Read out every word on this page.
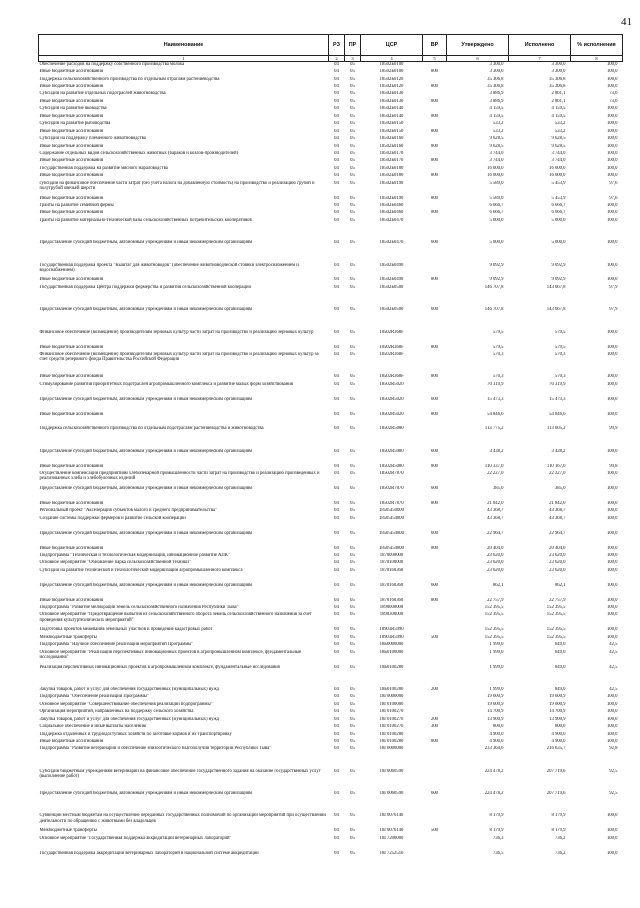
41
Наименование	РЗ	ПР	ЦСР	ВР	Утверждено	Исполнено	% исполнения
1	2	3	4	5	6	7	8
Обеспечение расходов на поддержку собственного производства молока	04	05	18502Б0100		3 300,0	3 300,0	100,0
Иные бюджетные ассигнования	04	05	18502Б0100	800	3 300,0	3 300,0	100,0
Поддержка сельскохозяйственного производства по отдельным отраслям растениеводства	04	05	18502Б0120		35 306,8	35 306,8	100,0
Иные бюджетные ассигнования	04	05	18502Б0120	800	35 306,8	35 306,8	100,0
Субсидии на развитие отдельных подотраслей животноводства	04	05	18502Б0130		3 886,9	2 861,1	73,6
Иные бюджетные ассигнования	04	05	18502Б0130	800	3 886,9	2 861,1	73,6
Субсидии на развитие яководства	04	05	18502Б0140		4 159,5	4 159,5	100,0
Иные бюджетные ассигнования	04	05	18502Б0140	800	4 159,5	4 159,5	100,0
Субсидии на развитие рыбоводства	04	05	18502Б0150		533,2	533,2	100,0
Иные бюджетные ассигнования	04	05	18502Б0150	800	533,2	533,2	100,0
Субсидии на поддержку племенного животноводства	04	05	18502Б0160		9 628,5	9 628,5	100,0
Иные бюджетные ассигнования	04	05	18502Б0160	800	9 628,5	9 628,5	100,0
Содержание отдельных видов сельскохозяйственных животных (бараков и козлов-производителей)	04	05	18502Б0170		3 744,0	3 744,0	100,0
Иные бюджетные ассигнования	04	05	18502Б0170	800	3 744,0	3 744,0	100,0
Государственная поддержка на развитие мясного мараловодства	04	05	18502Б0180		16 000,0	16 000,0	100,0
Иные бюджетные ассигнования	04	05	18502Б0180	800	16 000,0	16 000,0	100,0
субсидии на финансовое обеспечение части затрат (без учета налога на добавленную стоимость) на производство и реализацию грубой и полугрубой овечьей шерсти	04	05	18502Б0190		5 589,0	5 453,9	97,6
Иные бюджетные ассигнования	04	05	18502Б0190	800	5 589,0	5 453,9	97,6
Гранты на развитие семейной фермы	04	05	18502Б0460		6 666,7	6 666,7	100,0
Иные бюджетные ассигнования	04	05	18502Б0460	800	6 666,7	6 666,7	100,0
Гранты на развитие материально-технической базы сельскохозяйственных потребительских кооперативов	04	05	18502Б0470		5 000,0	5 000,0	100,0
Предоставление субсидий бюджетным, автономным учреждениям и иным некоммерческим организациям	04	05	18502Б0470	600	5 000,0	5 000,0	100,0
Государственная поддержка проекта "Кыштаг для животноводов" (обеспечение животноводческой стоянки электроснабжением и водоснабжением)	04	05	18502Б0490		9 092,9	9 092,9	100,0
Иные бюджетные ассигнования	04	05	18502Б0490	800	9 092,9	9 092,9	100,0
Государственная поддержка Центра поддержки фермерства и развития сельскохозяйственной кооперации	04	05	18502Б0500		146 707,8	143 667,8	97,9
Предоставление субсидий бюджетным, автономным учреждениям и иным некоммерческим организациям	04	05	18502Б0500	600	146 707,8	143 667,8	97,9
Финансовое обеспечение (возмещение) производителям зерновых культур части затрат на производство и реализацию зерновых культур	04	05	18502R368F		579,5	579,5	100,0
Иные бюджетные ассигнования	04	05	18502R368F	800	579,5	579,5	100,0
Финансовое обеспечение (возмещение) производителям зерновых культур части затрат на производство и реализацию зерновых культур за счет средств резервного фонда Правительства Российской Федерации	04	05	18502R368F		570,3	570,3	100,0
Иные бюджетные ассигнования	04	05	18502R368F	800	570,3	570,3	100,0
Стимулирование развития приоритетных подотраслей агропромышленного комплекса и развитие малых форм хозяйствования	04	05	18502R5020		70 319,9	70 319,9	100,0
Предоставление субсидий бюджетным, автономным учреждениям и иным некоммерческим организациям	04	05	18502R5020	600	15 473,3	15 473,3	100,0
Иные бюджетные ассигнования	04	05	18502R5020	800	54 846,6	54 846,6	100,0
Поддержка сельскохозяйственного производства по отдельным подотраслям растениеводства и животноводства	04	05	18502R5080		113 775,2	113 605,2	99,9
Предоставление субсидий бюджетным, автономным учреждениям и иным некоммерческим организациям	04	05	18502R5080	600	3 438,2	3 438,2	100,0
Иные бюджетные ассигнования	04	05	18502R5080	800	110 337,0	110 167,0	99,8
Осуществление компенсации предприятиям хлебопекарной промышленности части затрат на производство и реализацию произведенных и реализованных хлеба и хлебобулочных изделий	04	05	18502R7870		22 227,0	22 227,0	100,0
Предоставление субсидий бюджетным, автономным учреждениям и иным некоммерческим организациям	04	05	18502R7870	600	385,0	385,0	100,0
Иные бюджетные ассигнования	04	05	18502R7870	800	21 842,0	21 842,0	100,0
Региональный проект "Акселерация субъектов малого и среднего предпринимательства"	04	05	18505I50000		43 368,7	43 368,7	100,0
Создание системы поддержки фермеров и развитие сельской кооперации	04	05	18505I54800		43 368,7	43 368,7	100,0
Предоставление субсидий бюджетным, автономным учреждениям и иным некоммерческим организациям	04	05	18505I54800	600	22 964,7	22 964,7	100,0
Иные бюджетные ассигнования	04	05	18505I54800	800	20 404,0	20 404,0	100,0
Подпрограмма "Техническая и технологическая модернизация, инновационное развитие АПК"	04	05	1870000000		23 620,0	23 620,0	100,0
Основное мероприятие "Обновление парка сельскохозяйственной техники"	04	05	1870100000		23 620,0	23 620,0	100,0
Субсидии на развитие технической и технологической модернизации агропромышленного комплекса	04	05	1870160360		23 620,0	23 620,0	100,0
Предоставление субсидий бюджетным, автономным учреждениям и иным некоммерческим организациям	04	05	1870160360	600	862,1	862,1	100,0
Иные бюджетные ассигнования	04	05	1870160360	800	22 757,9	22 757,9	100,0
Подпрограмма "Развитие мелиорации земель сельскохозяйственного назначения Республики Тыва"	04	05	1890000000		152 395,5	152 395,5	100,0
Основное мероприятие "Предотвращение выбытия из сельскохозяйственного оборота земель сельскохозяйственного назначения за счет проведения культуртехнических мероприятий"	04	05	1890300000		152 395,5	152 395,5	100,0
Подготовка проектов межевания земельных участков и проведение кадастровых работ	04	05	18903R5990		152 395,5	152 395,5	100,0
Межбюджетные трансферты	04	05	18903R5990	500	152 395,5	152 395,5	100,0
Подпрограмма "Научное обеспечение реализации мероприятий Программы"	04	05	18Б0000000		1 999,0	849,0	42,5
Основное мероприятие "Реализация перспективных инновационных проектов в агропромышленном комплексе, фундаментальные исследования"	04	05	18Б0100000		1 999,0	849,0	42,5
Реализация перспективных инновационных проектов в агропромышленном комплексе, фундаментальные исследования	04	05	18Б0100280		1 999,0	849,0	42,5
Закупка товаров, работ и услуг для обеспечения государственных (муниципальных) нужд	04	05	18Б0100280	200	1 999,0	849,0	42,5
Подпрограмма "Обеспечение реализации Программы"	04	05	18Г0000000		19 600,9	19 600,9	100,0
Основное мероприятие "Совершенствование обеспечения реализации подпрограммы"	04	05	18Г0100000		19 600,9	19 600,9	100,0
Организация мероприятий, направленных на поддержку сельского хозяйства	04	05	18Г0100270		14 700,9	14 700,9	100,0
Закупка товаров, работ и услуг для обеспечения государственных (муниципальных) нужд	04	05	18Г0100270	200	13 900,9	13 900,9	100,0
Социальное обеспечение и иные выплаты населению	04	05	18Г0100270	300	800,0	800,0	100,0
Поддержка отдаленных и труднодоступных хозяйств по заготовке кормов и их транспортировку	04	05	18Г0100280		4 900,0	4 900,0	100,0
Иные бюджетные ассигнования	04	05	18Г0100280	800	4 900,0	4 900,0	100,0
Подпрограмма "Развитие ветеринарии и обеспечение эпизоотического благополучия территории Республики Тыва"	04	05	18Г0000000		233 364,6	216 635,7	92,8
Субсидии бюджетным учреждениям ветеринарии на финансовое обеспечение государственного задания на оказание государственных услуг (выполнение работ)	04	05	18Г0060590		224 478,2	207 719,6	92,5
Предоставление субсидий бюджетным, автономным учреждениям и иным некоммерческим организациям	04	05	18Г0060590	600	224 478,2	207 719,6	92,5
Субвенции местным бюджетам на осуществление переданных государственных полномочий по организации мероприятий при осуществлении деятельности по обращению с животными без владельцев	04	05	18Г0076140		8 179,9	8 179,9	100,0
Межбюджетные трансферты	04	05	18Г0076140	500	8 179,9	8 179,9	100,0
Основное мероприятие "Государственная поддержка аккредитации ветеринарных лабораторий"	04	05	18Г7200000		736,3	736,2	100,0
Государственная поддержка аккредитации ветеринарных лабораторий в национальной системе аккредитации	04	05	18Г7252510		736,5	736,2	100,0
